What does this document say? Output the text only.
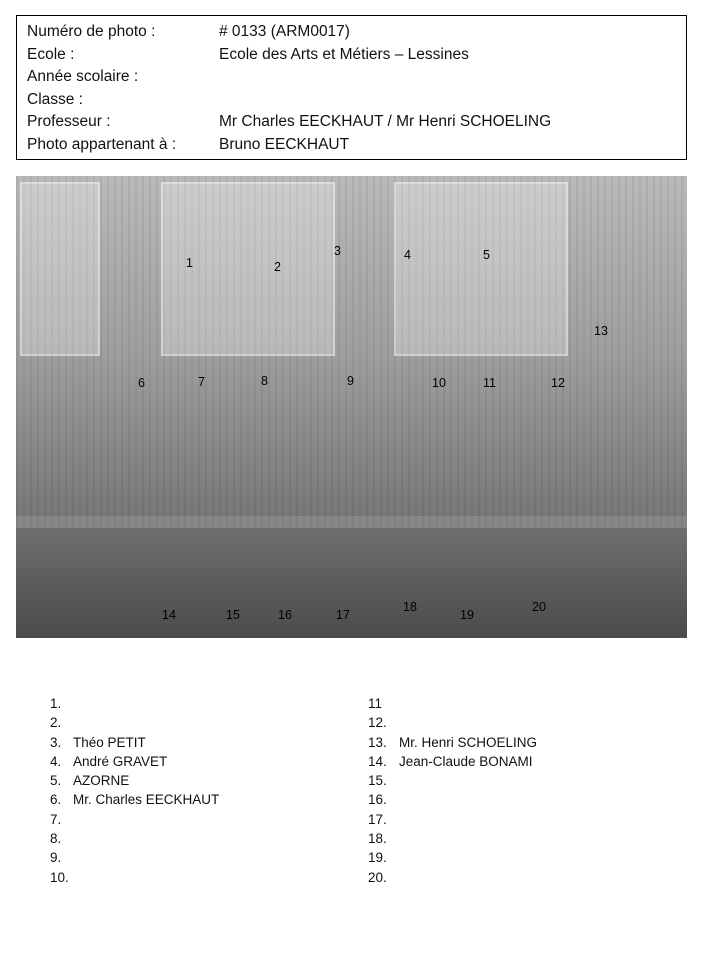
Numéro de photo :	# 0133 (ARM0017)
Ecole :	Ecole des Arts et Métiers – Lessines
Année scolaire :
Classe :
Professeur :	Mr Charles EECKHAUT / Mr Henri SCHOELING
Photo appartenant à :	Bruno EECKHAUT
1	2
3	4	5
6	7	8	9	10	11	12
13
14	15	16	17
18
19
20
1.
2.
3. Théo PETIT
4. André GRAVET
5. AZORNE
6. Mr. Charles EECKHAUT
7.
8.
9.
10.
11
12.
13. Mr. Henri SCHOELING
14. Jean-Claude BONAMI
15.
16.
17.
18.
19.
20.
